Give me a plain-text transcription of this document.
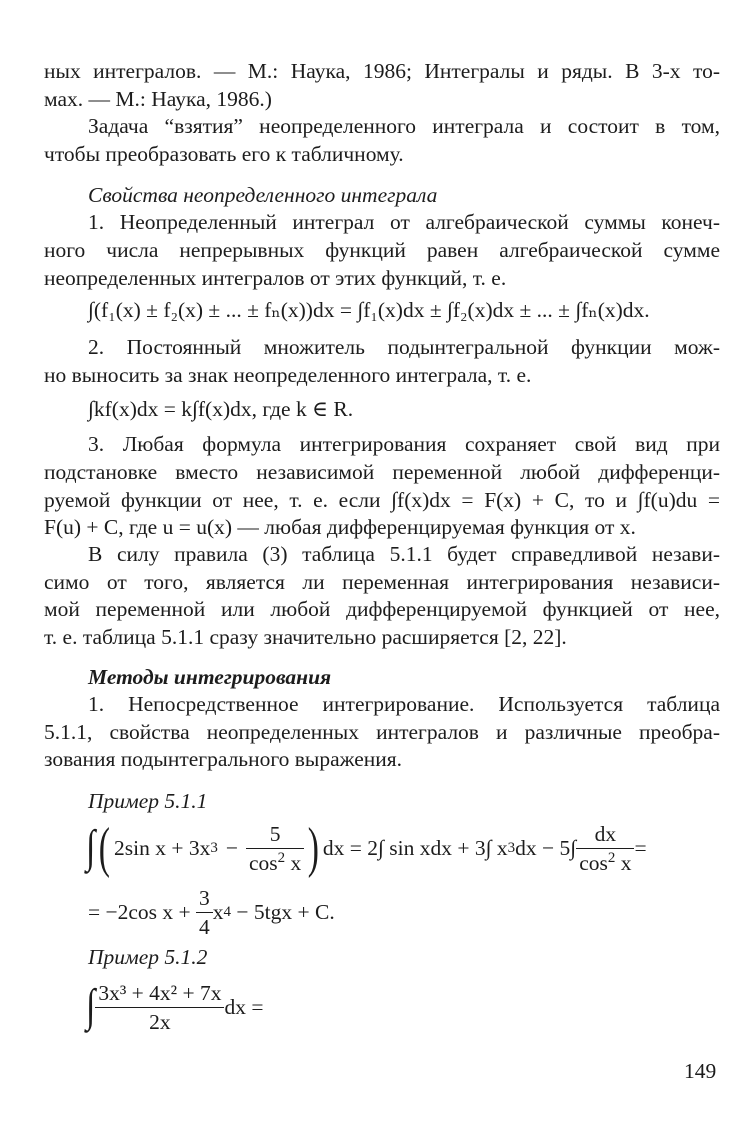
ных интегралов. — М.: Наука, 1986; Интегралы и ряды. В 3-х то-
мах. — М.: Наука, 1986.)
Задача “взятия” неопределенного интеграла и состоит в том,
чтобы преобразовать его к табличному.
Свойства неопределенного интеграла
1. Неопределенный интеграл от алгебраической суммы конеч-
ного числа непрерывных функций равен алгебраической сумме
неопределенных интегралов от этих функций, т. е.
∫(f₁(x) ± f₂(x) ± ... ± fₙ(x))dx = ∫f₁(x)dx ± ∫f₂(x)dx ± ... ± ∫fₙ(x)dx.
2. Постоянный множитель подынтегральной функции мож-
но выносить за знак неопределенного интеграла, т. е.
∫kf(x)dx = k∫f(x)dx, где k ∈ R.
3. Любая формула интегрирования сохраняет свой вид при
подстановке вместо независимой переменной любой дифференци-
руемой функции от нее, т. е. если ∫f(x)dx = F(x) + C, то и ∫f(u)du =
F(u) + C, где u = u(x) — любая дифференцируемая функция от x.
В силу правила (3) таблица 5.1.1 будет справедливой незави-
симо от того, является ли переменная интегрирования независи-
мой переменной или любой дифференцируемой функцией от нее,
т. е. таблица 5.1.1 сразу значительно расширяется [2, 22].
Методы интегрирования
1. Непосредственное интегрирование. Используется таблица
5.1.1, свойства неопределенных интегралов и различные преобра-
зования подынтегрального выражения.
Пример 5.1.1
∫ ( 2sin x + 3x $3 - \frac{5}{\cos^2 x}$ ) dx = 2∫ sin xdx + 3∫ x 3 dx − $5\int \frac{dx}{\cos^2 x}$ =
= −2cos $x + \frac{3}{4}$ x 4 − 5tgx + C.
Пример 5.1.2
∫ $\frac{\text{3x³ + 4x² + 7x}}{2x}$ dx =
149
